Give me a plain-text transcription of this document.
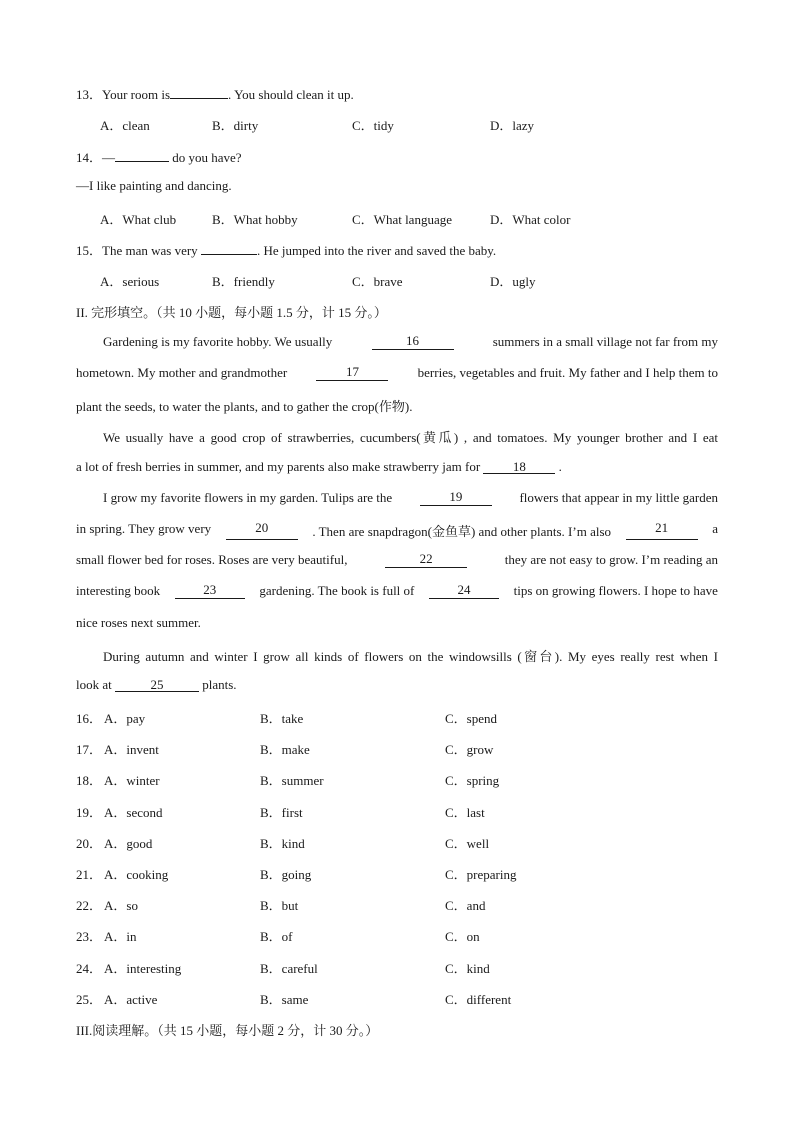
13．Your room is	. You should clean it up.
A．clean	B．dirty	C．tidy	D．lazy
14．—	do you have?
—I like painting and dancing.
A．What club	B．What hobby	C．What language	D．What color
15．The man was very	. He jumped into the river and saved the baby.
A．serious	B．friendly	C．brave	D．ugly
II. 完形填空。（共 10 小题，每小题 1.5 分，计 15 分。）
Gardening is my favorite hobby. We usually	16	summers in a small village not far from my
hometown. My mother and grandmother	17	berries, vegetables and fruit. My father and I help them to
plant the seeds, to water the plants, and to gather the crop(作物).
We usually have a good crop of strawberries, cucumbers(黄瓜) , and tomatoes. My younger brother and I eat
a lot of fresh berries in summer, and my parents also make strawberry jam for 18 .
I grow my favorite flowers in my garden. Tulips are the	19	flowers that appear in my little garden
in spring. They grow very	20	. Then are snapdragon(金鱼草) and other plants. I’m also	21	a
small flower bed for roses. Roses are very beautiful,	22	they are not easy to grow. I’m reading an
interesting book	23	gardening. The book is full of	24	tips on growing flowers. I hope to have
nice roses next summer.
During autumn and winter I grow all kinds of flowers on the windowsills (窗台). My eyes really rest when I
look at	25	plants.
16． A．pay	B．take	C．spend
17． A．invent	B．make	C．grow
18． A．winter	B．summer	C．spring
19． A．second	B．first	C．last
20． A．good	B．kind	C．well
21． A．cooking	B．going	C．preparing
22． A．so	B．but	C．and
23． A．in	B．of	C．on
24． A．interesting	B．careful	C．kind
25． A．active	B．same	C．different
III.阅读理解。（共 15 小题，每小题 2 分，计 30 分。）
